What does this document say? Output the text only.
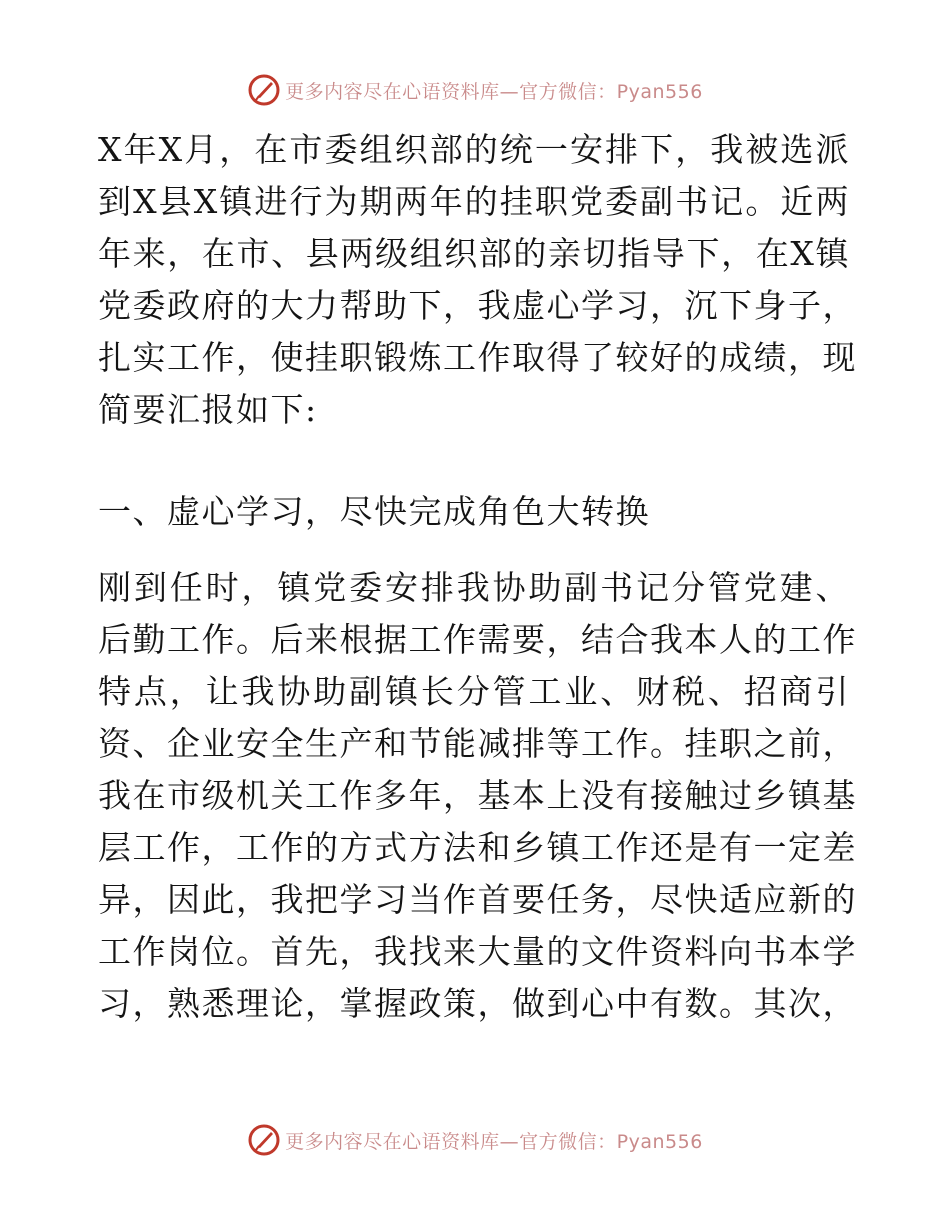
更多内容尽在心语资料库—官方微信：Pyan556
X年X月，在市委组织部的统一安排下，我被选派
到X县X镇进行为期两年的挂职党委副书记。近两
年来，在市、县两级组织部的亲切指导下，在X镇
党委政府的大力帮助下，我虚心学习，沉下身子，
扎实工作，使挂职锻炼工作取得了较好的成绩，现
简要汇报如下:
一、虚心学习，尽快完成角色大转换
刚到任时，镇党委安排我协助副书记分管党建、
后勤工作。后来根据工作需要，结合我本人的工作
特点，让我协助副镇长分管工业、财税、招商引
资、企业安全生产和节能减排等工作。挂职之前，
我在市级机关工作多年，基本上没有接触过乡镇基
层工作，工作的方式方法和乡镇工作还是有一定差
异，因此，我把学习当作首要任务，尽快适应新的
工作岗位。首先，我找来大量的文件资料向书本学
习，熟悉理论，掌握政策，做到心中有数。其次，
更多内容尽在心语资料库—官方微信：Pyan556
